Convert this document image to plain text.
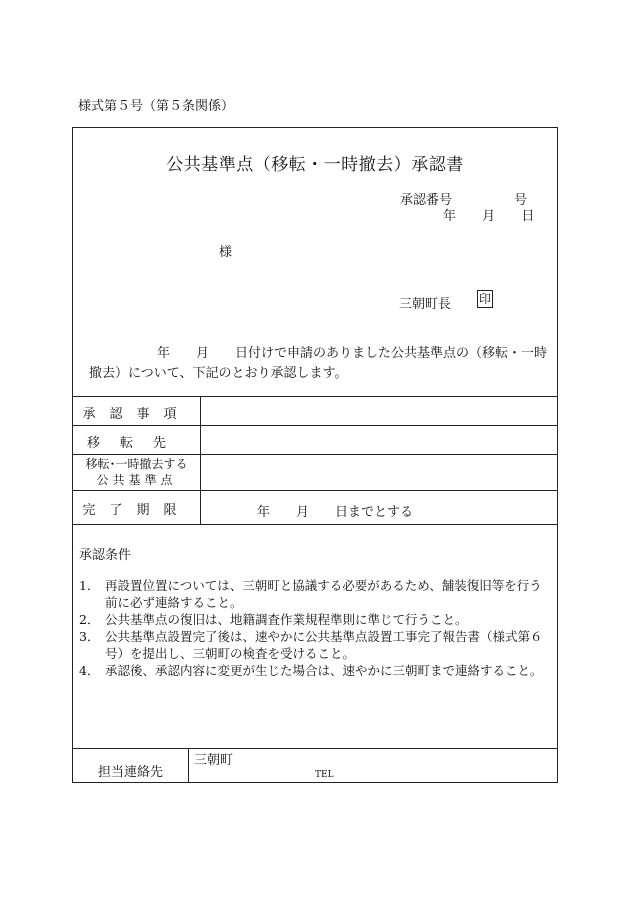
様式第５号（第５条関係）
公共基準点（移転・一時撤去）承認書
承認番号	号
年 月 日
様
三朝町長 印
年　　月　　日付けで申請のありました公共基準点の（移転・一時
撤去）について、下記のとおり承認します。
承認事項
移転先
移転･一時撤去する
公共基準点
完了期限	年　　月　　日までとする
承認条件
1． 再設置位置については、三朝町と協議する必要があるため、舗装復旧等を行う前に必ず連絡すること。
2． 公共基準点の復旧は、地籍調査作業規程準則に準じて行うこと。
3． 公共基準点設置完了後は、速やかに公共基準点設置工事完了報告書（様式第６号）を提出し、三朝町の検査を受けること。
4． 承認後、承認内容に変更が生じた場合は、速やかに三朝町まで連絡すること。
担当連絡先
三朝町
TEL
